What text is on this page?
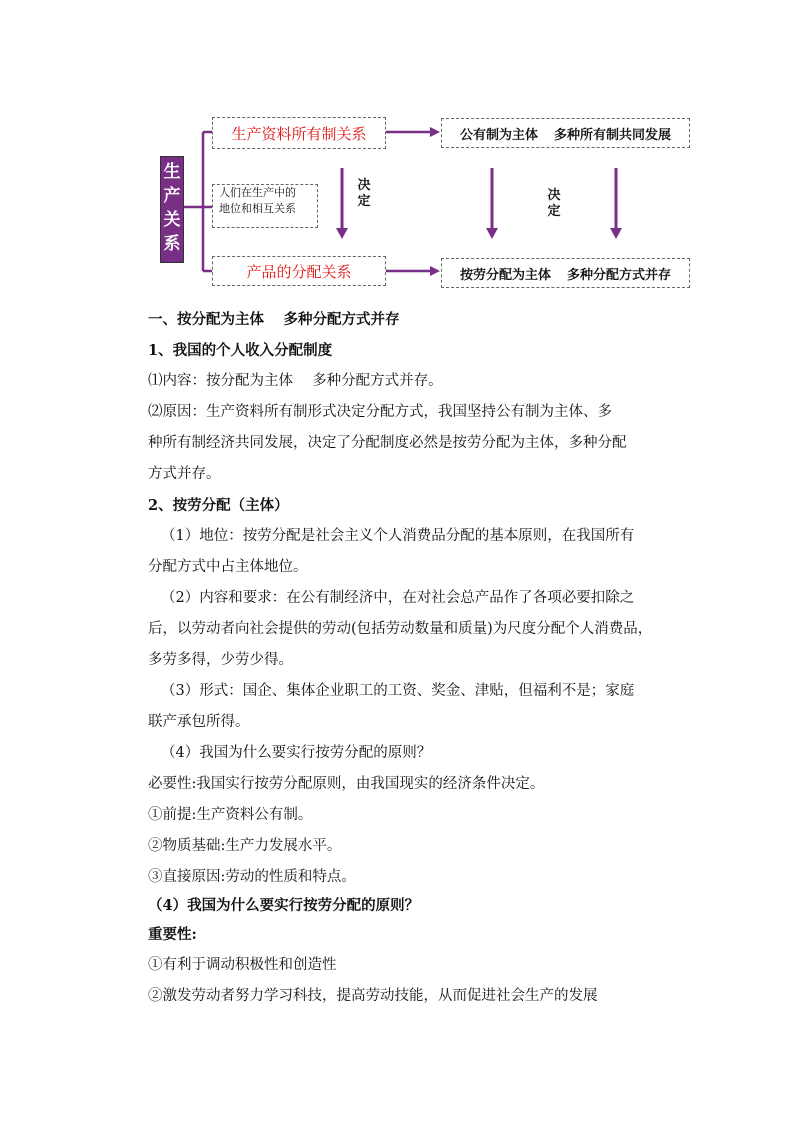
生产关系
生产资料所有制关系
人们在生产中的
地位和相互关系
产品的分配关系
公有制为主体 多种所有制共同发展
按劳分配为主体 多种分配方式并存
决定	决定

一、按分配为主体　 多种分配方式并存

1、我国的个人收入分配制度

⑴内容：按分配为主体　 多种分配方式并存。

⑵原因：生产资料所有制形式决定分配方式，我国坚持公有制为主体、多

种所有制经济共同发展，决定了分配制度必然是按劳分配为主体，多种分配

方式并存。

2、按劳分配（主体）

（1）地位：按劳分配是社会主义个人消费品分配的基本原则，在我国所有

分配方式中占主体地位。

（2）内容和要求：在公有制经济中，在对社会总产品作了各项必要扣除之

后，以劳动者向社会提供的劳动(包括劳动数量和质量)为尺度分配个人消费品，

多劳多得，少劳少得。

（3）形式：国企、集体企业职工的工资、奖金、津贴，但福利不是；家庭

联产承包所得。

（4）我国为什么要实行按劳分配的原则？

必要性:我国实行按劳分配原则，由我国现实的经济条件决定。

①前提:生产资料公有制。

②物质基础:生产力发展水平。

③直接原因:劳动的性质和特点。

（4）我国为什么要实行按劳分配的原则？

重要性:

①有利于调动积极性和创造性

②激发劳动者努力学习科技，提高劳动技能，从而促进社会生产的发展
